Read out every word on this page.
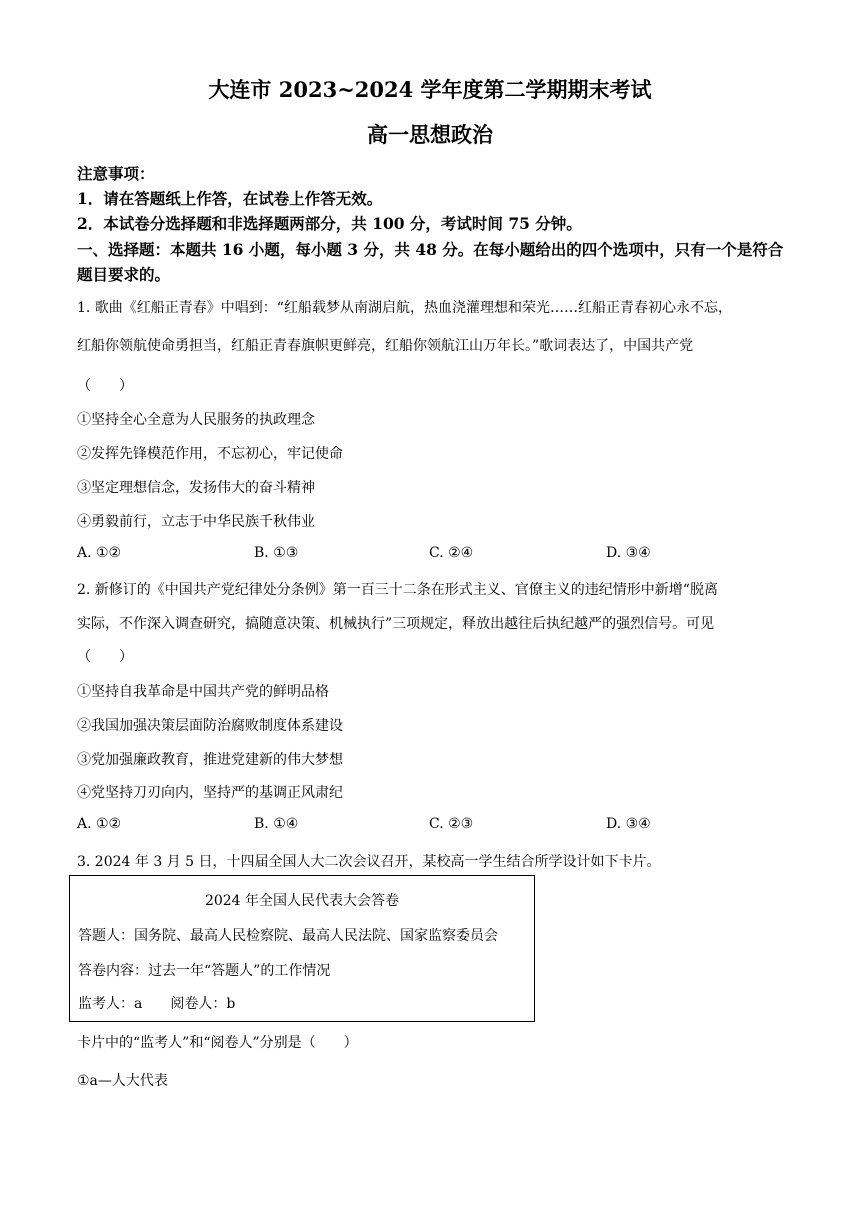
大连市 2023~2024 学年度第二学期期末考试
高一思想政治
注意事项：
1．请在答题纸上作答，在试卷上作答无效。
2．本试卷分选择题和非选择题两部分，共 100 分，考试时间 75 分钟。
一、选择题：本题共 16 小题，每小题 3 分，共 48 分。在每小题给出的四个选项中，只有一个是符合题目要求的。
1. 歌曲《红船正青春》中唱到：“红船载梦从南湖启航，热血浇灌理想和荣光……红船正青春初心永不忘，
红船你领航使命勇担当，红船正青春旗帜更鲜亮，红船你领航江山万年长。”歌词表达了，中国共产党
（　　）
①坚持全心全意为人民服务的执政理念
②发挥先锋模范作用，不忘初心，牢记使命
③坚定理想信念，发扬伟大的奋斗精神
④勇毅前行，立志于中华民族千秋伟业
A. ①②	B. ①③	C. ②④	D. ③④
2. 新修订的《中国共产党纪律处分条例》第一百三十二条在形式主义、官僚主义的违纪情形中新增“脱离
实际，不作深入调查研究，搞随意决策、机械执行”三项规定，释放出越往后执纪越严的强烈信号。可见
（　　）
①坚持自我革命是中国共产党的鲜明品格
②我国加强决策层面防治腐败制度体系建设
③党加强廉政教育，推进党建新的伟大梦想
④党坚持刀刃向内，坚持严的基调正风肃纪
A. ①②	B. ①④	C. ②③	D. ③④
3. 2024 年 3 月 5 日，十四届全国人大二次会议召开，某校高一学生结合所学设计如下卡片。
2024 年全国人民代表大会答卷
答题人：国务院、最高人民检察院、最高人民法院、国家监察委员会
答卷内容：过去一年“答题人”的工作情况
监考人：a 阅卷人：b
卡片中的“监考人”和“阅卷人”分别是（　　）
①a—人大代表
